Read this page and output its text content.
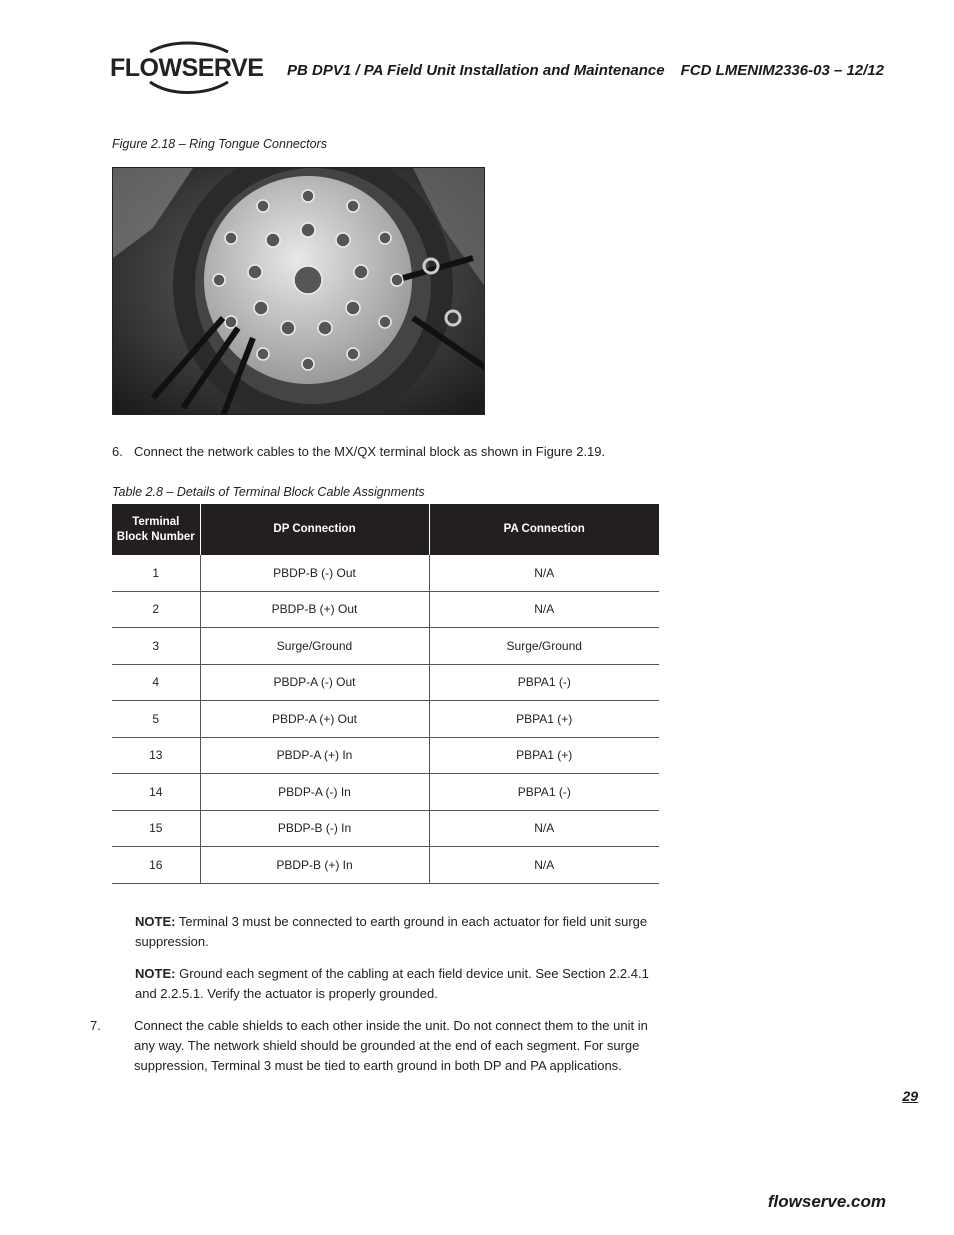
FLOWSERVE PB DPV1 / PA Field Unit Installation and Maintenance FCD LMENIM2336-03 – 12/12
Figure 2.18 – Ring Tongue Connectors
6. Connect the network cables to the MX/QX terminal block as shown in Figure 2.19.
Table 2.8 – Details of Terminal Block Cable Assignments
Terminal Block Number	DP Connection	PA Connection
1	PBDP-B (-) Out	N/A
2	PBDP-B (+) Out	N/A
3	Surge/Ground	Surge/Ground
4	PBDP-A (-) Out	PBPA1 (-)
5	PBDP-A (+) Out	PBPA1 (+)
13	PBDP-A (+) In	PBPA1 (+)
14	PBDP-A (-) In	PBPA1 (-)
15	PBDP-B (-) In	N/A
16	PBDP-B (+) In	N/A
NOTE: Terminal 3 must be connected to earth ground in each actuator for field unit surge suppression.
NOTE: Ground each segment of the cabling at each field device unit. See Section 2.2.4.1 and 2.2.5.1. Verify the actuator is properly grounded.
7.	Connect the cable shields to each other inside the unit. Do not connect them to the unit in any way. The network shield should be grounded at the end of each segment. For surge suppression, Terminal 3 must be tied to earth ground in both DP and PA applications.
29
flowserve.com
